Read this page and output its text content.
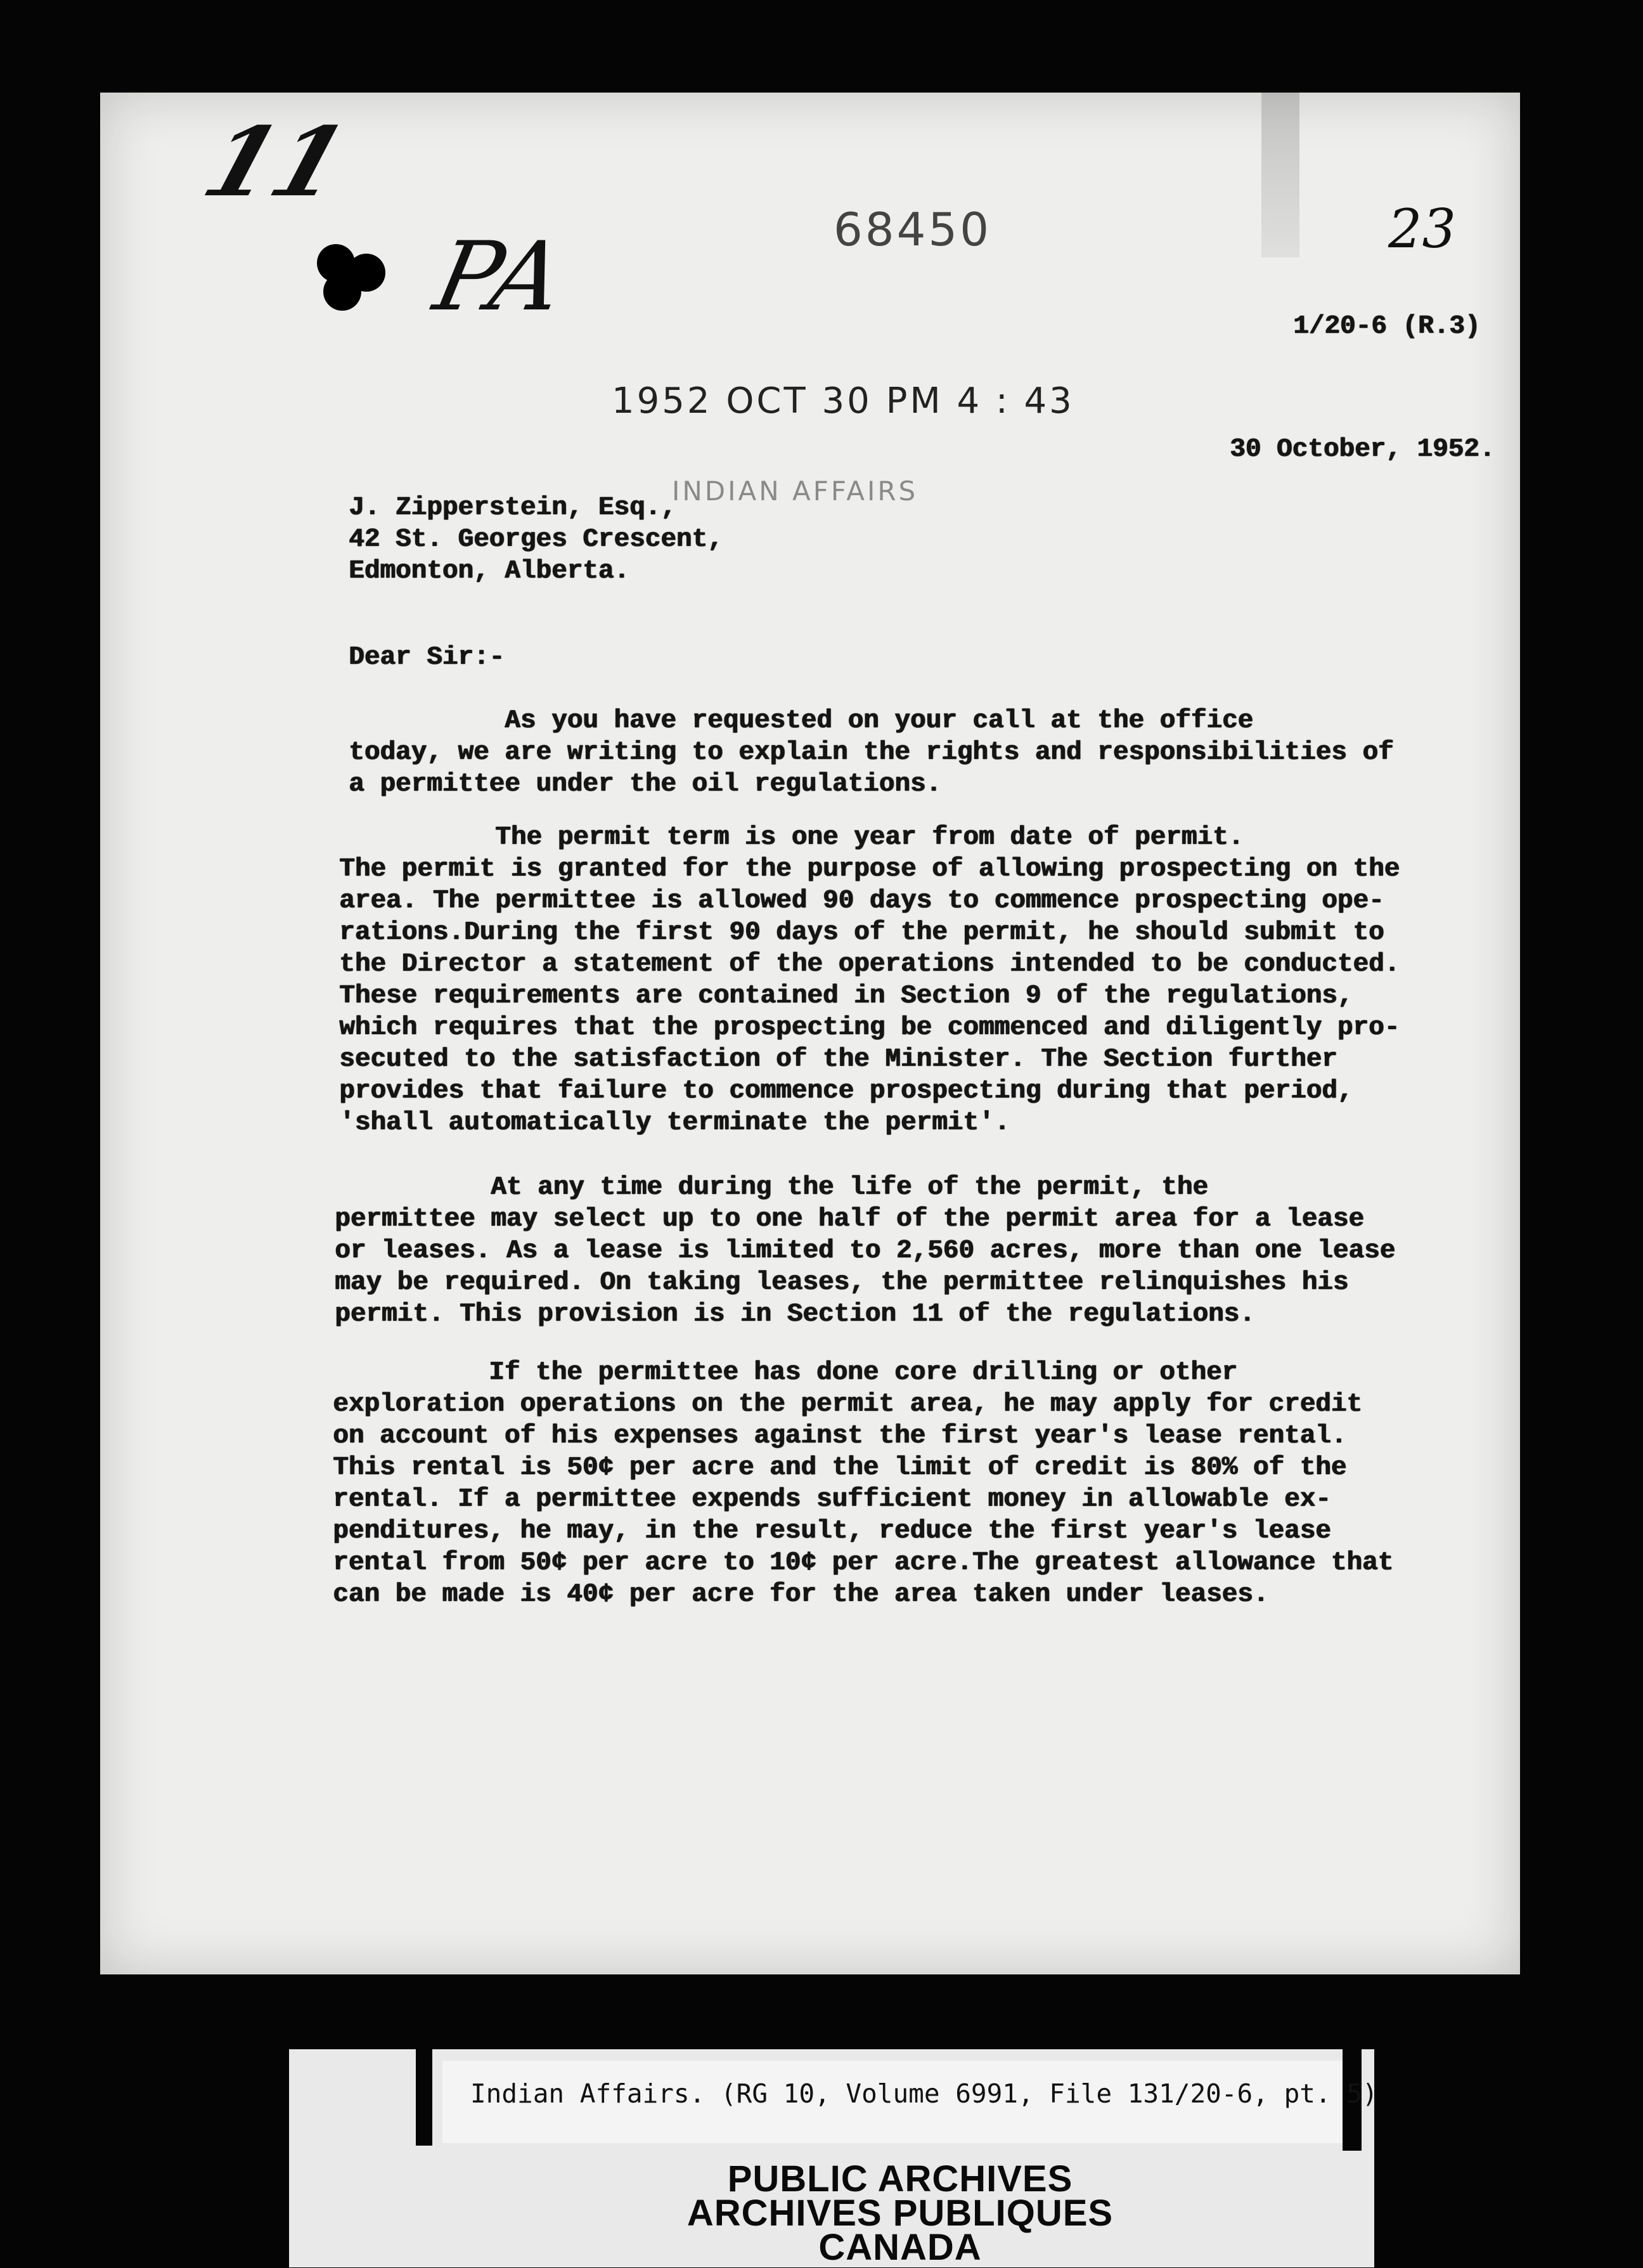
11
PA	23
68450
1952 OCT 30 PM 4 : 43
INDIAN AFFAIRS
1/20-6 (R.3)
30 October, 1952.
J. Zipperstein, Esq.,
42 St. Georges Crescent,
Edmonton, Alberta.
Dear Sir:-
As you have requested on your call at the office
today, we are writing to explain the rights and responsibilities of
a permittee under the oil regulations.
The permit term is one year from date of permit.
The permit is granted for the purpose of allowing prospecting on the
area. The permittee is allowed 90 days to commence prospecting ope-
rations.During the first 90 days of the permit, he should submit to
the Director a statement of the operations intended to be conducted.
These requirements are contained in Section 9 of the regulations,
which requires that the prospecting be commenced and diligently pro-
secuted to the satisfaction of the Minister. The Section further
provides that failure to commence prospecting during that period,
'shall automatically terminate the permit'.
At any time during the life of the permit, the
permittee may select up to one half of the permit area for a lease
or leases. As a lease is limited to 2,560 acres, more than one lease
may be required. On taking leases, the permittee relinquishes his
permit. This provision is in Section 11 of the regulations.
If the permittee has done core drilling or other
exploration operations on the permit area, he may apply for credit
on account of his expenses against the first year's lease rental.
This rental is 50¢ per acre and the limit of credit is 80% of the
rental. If a permittee expends sufficient money in allowable ex-
penditures, he may, in the result, reduce the first year's lease
rental from 50¢ per acre to 10¢ per acre.The greatest allowance that
can be made is 40¢ per acre for the area taken under leases.
Indian Affairs. (RG 10, Volume 6991, File 131/20-6, pt. 5)
PUBLIC ARCHIVES
ARCHIVES PUBLIQUES
CANADA
